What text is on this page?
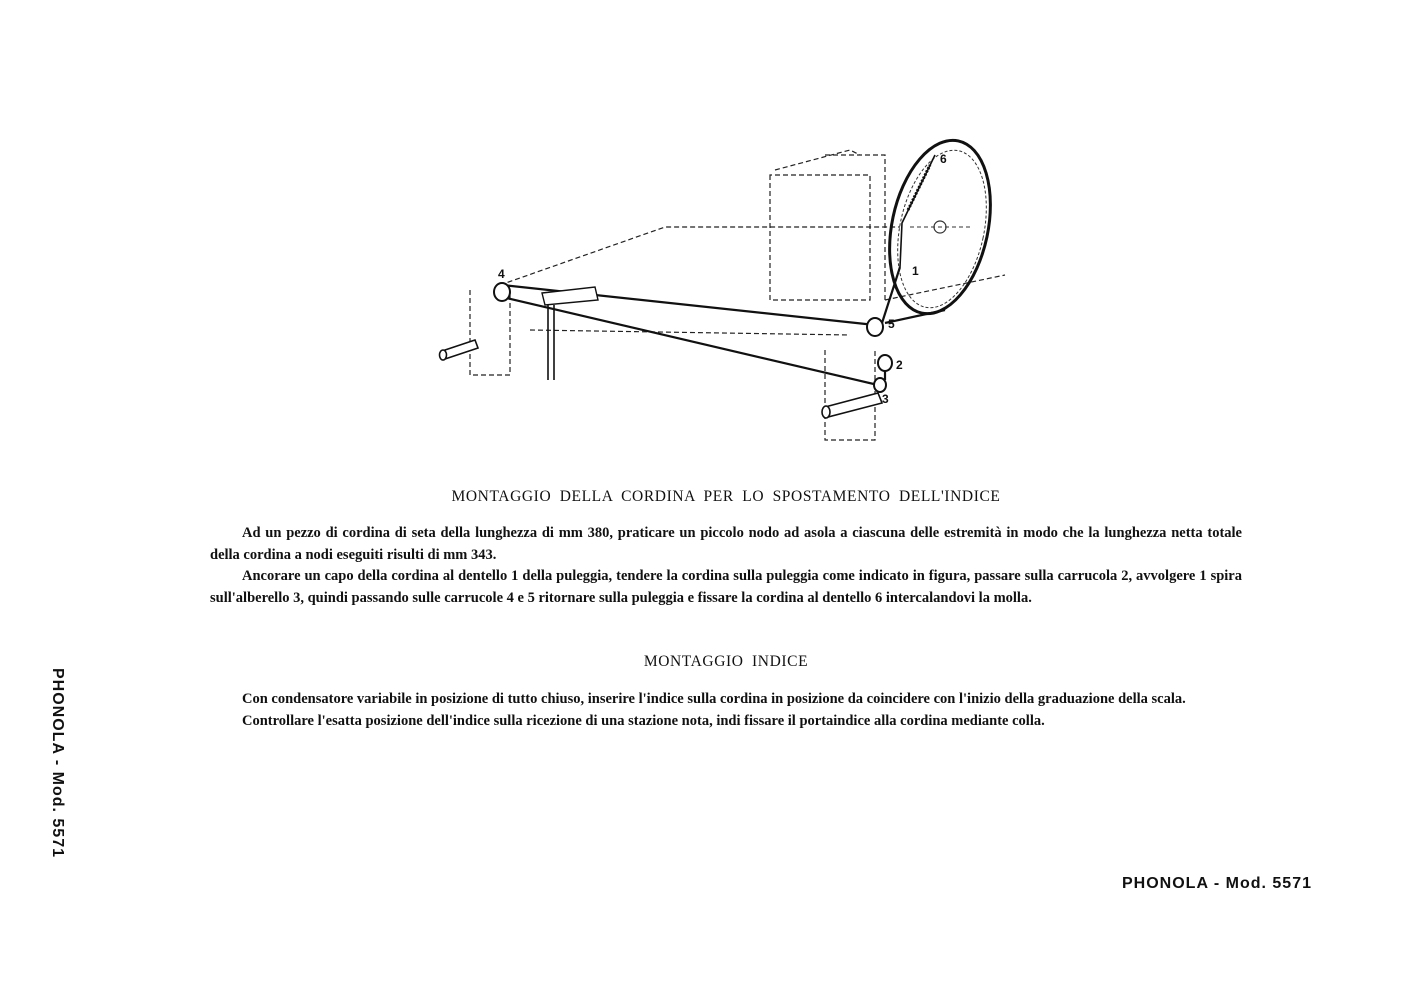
6
1
4
5
2
3
MONTAGGIO DELLA CORDINA PER LO SPOSTAMENTO DELL'INDICE
Ad un pezzo di cordina di seta della lunghezza di mm 380, praticare un piccolo nodo ad asola a ciascuna delle estremità in modo che la lunghezza netta totale della cordina a nodi eseguiti risulti di mm 343.
Ancorare un capo della cordina al dentello 1 della puleggia, tendere la cordina sulla puleggia come indicato in figura, passare sulla carrucola 2, avvolgere 1 spira sull'alberello 3, quindi passando sulle carrucole 4 e 5 ritornare sulla puleggia e fissare la cordina al dentello 6 intercalandovi la molla.
MONTAGGIO INDICE
Con condensatore variabile in posizione di tutto chiuso, inserire l'indice sulla cordina in posizione da coincidere con l'inizio della graduazione della scala.
Controllare l'esatta posizione dell'indice sulla ricezione di una stazione nota, indi fissare il portaindice alla cordina mediante colla.
PHONOLA - Mod. 5571
PHONOLA - Mod. 5571
